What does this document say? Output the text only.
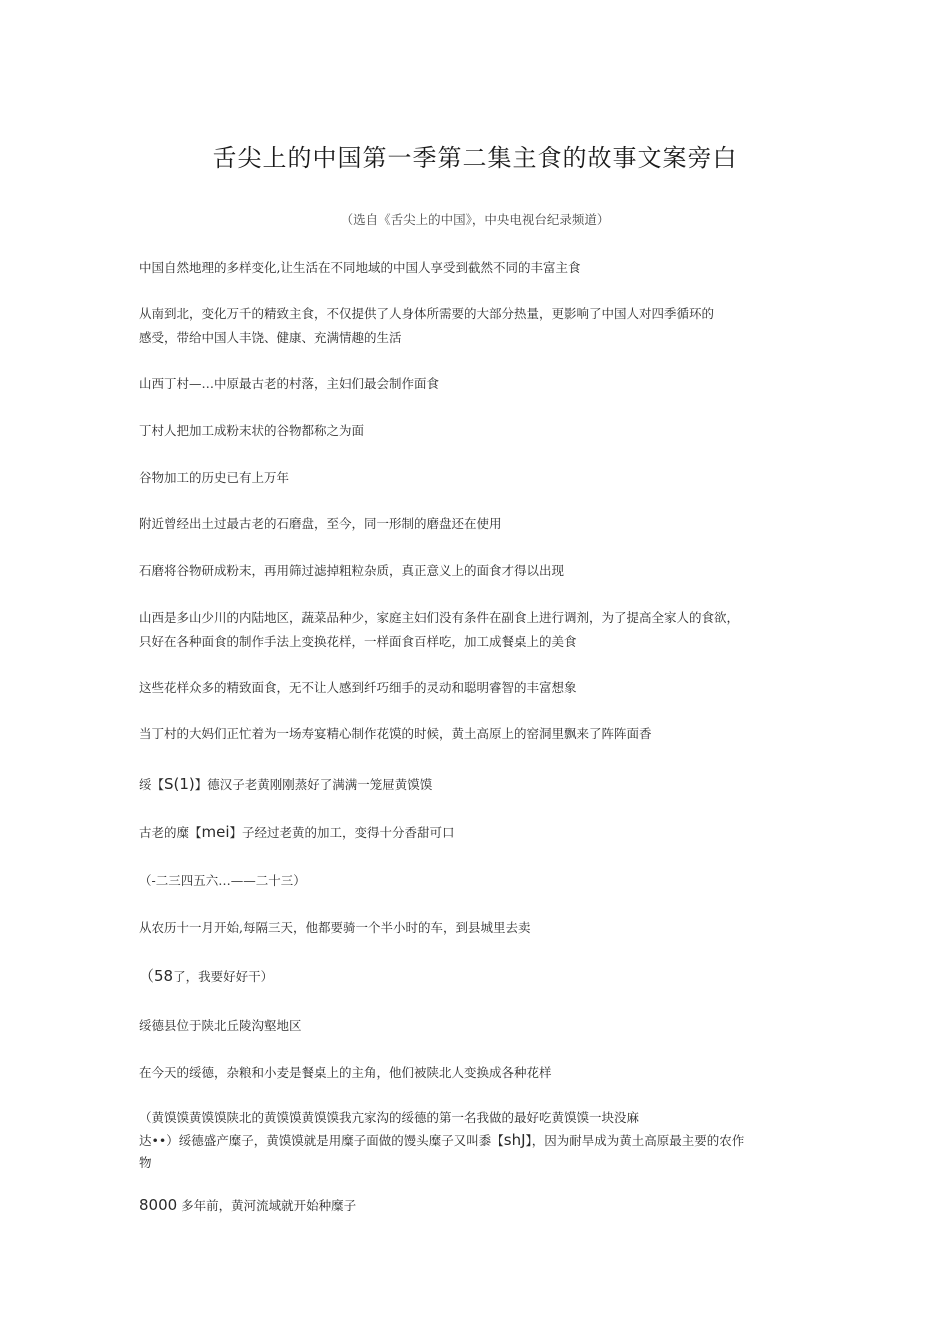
舌尖上的中国第一季第二集主食的故事文案旁白
（选自《舌尖上的中国》，中央电视台纪录频道）
中国自然地理的多样变化,让生活在不同地域的中国人享受到截然不同的丰富主食
从南到北，变化万千的精致主食，不仅提供了人身体所需要的大部分热量，更影响了中国人对四季循环的
感受，带给中国人丰饶、健康、充满情趣的生活
山西丁村—…中原最古老的村落，主妇们最会制作面食
丁村人把加工成粉末状的谷物都称之为面
谷物加工的历史已有上万年
附近曾经出土过最古老的石磨盘，至今，同一形制的磨盘还在使用
石磨将谷物研成粉末，再用筛过滤掉粗粒杂质，真正意义上的面食才得以出现
山西是多山少川的内陆地区，蔬菜品种少，家庭主妇们没有条件在副食上进行调剂，为了提高全家人的食欲，
只好在各种面食的制作手法上变换花样，一样面食百样吃，加工成餐桌上的美食
这些花样众多的精致面食，无不让人感到纤巧细手的灵动和聪明睿智的丰富想象
当丁村的大妈们正忙着为一场寿宴精心制作花馍的时候，黄土高原上的窑洞里飘来了阵阵面香
绥【S(1)】德汉子老黄刚刚蒸好了满满一笼屉黄馍馍
古老的糜【mei】子经过老黄的加工，变得十分香甜可口
（-二三四五六…——二十三）
从农历十一月开始,每隔三天，他都要骑一个半小时的车，到县城里去卖
（58了，我要好好干）
绥德县位于陕北丘陵沟壑地区
在今天的绥德，杂粮和小麦是餐桌上的主角，他们被陕北人变换成各种花样
（黄馍馍黄馍馍陕北的黄馍馍黄馍馍我亢家沟的绥德的第一名我做的最好吃黄馍馍一块没麻
达••）绥德盛产糜子，黄馍馍就是用糜子面做的馒头糜子又叫黍【shJ】，因为耐旱成为黄土高原最主要的农作
物
8000 多年前，黄河流域就开始种糜子
